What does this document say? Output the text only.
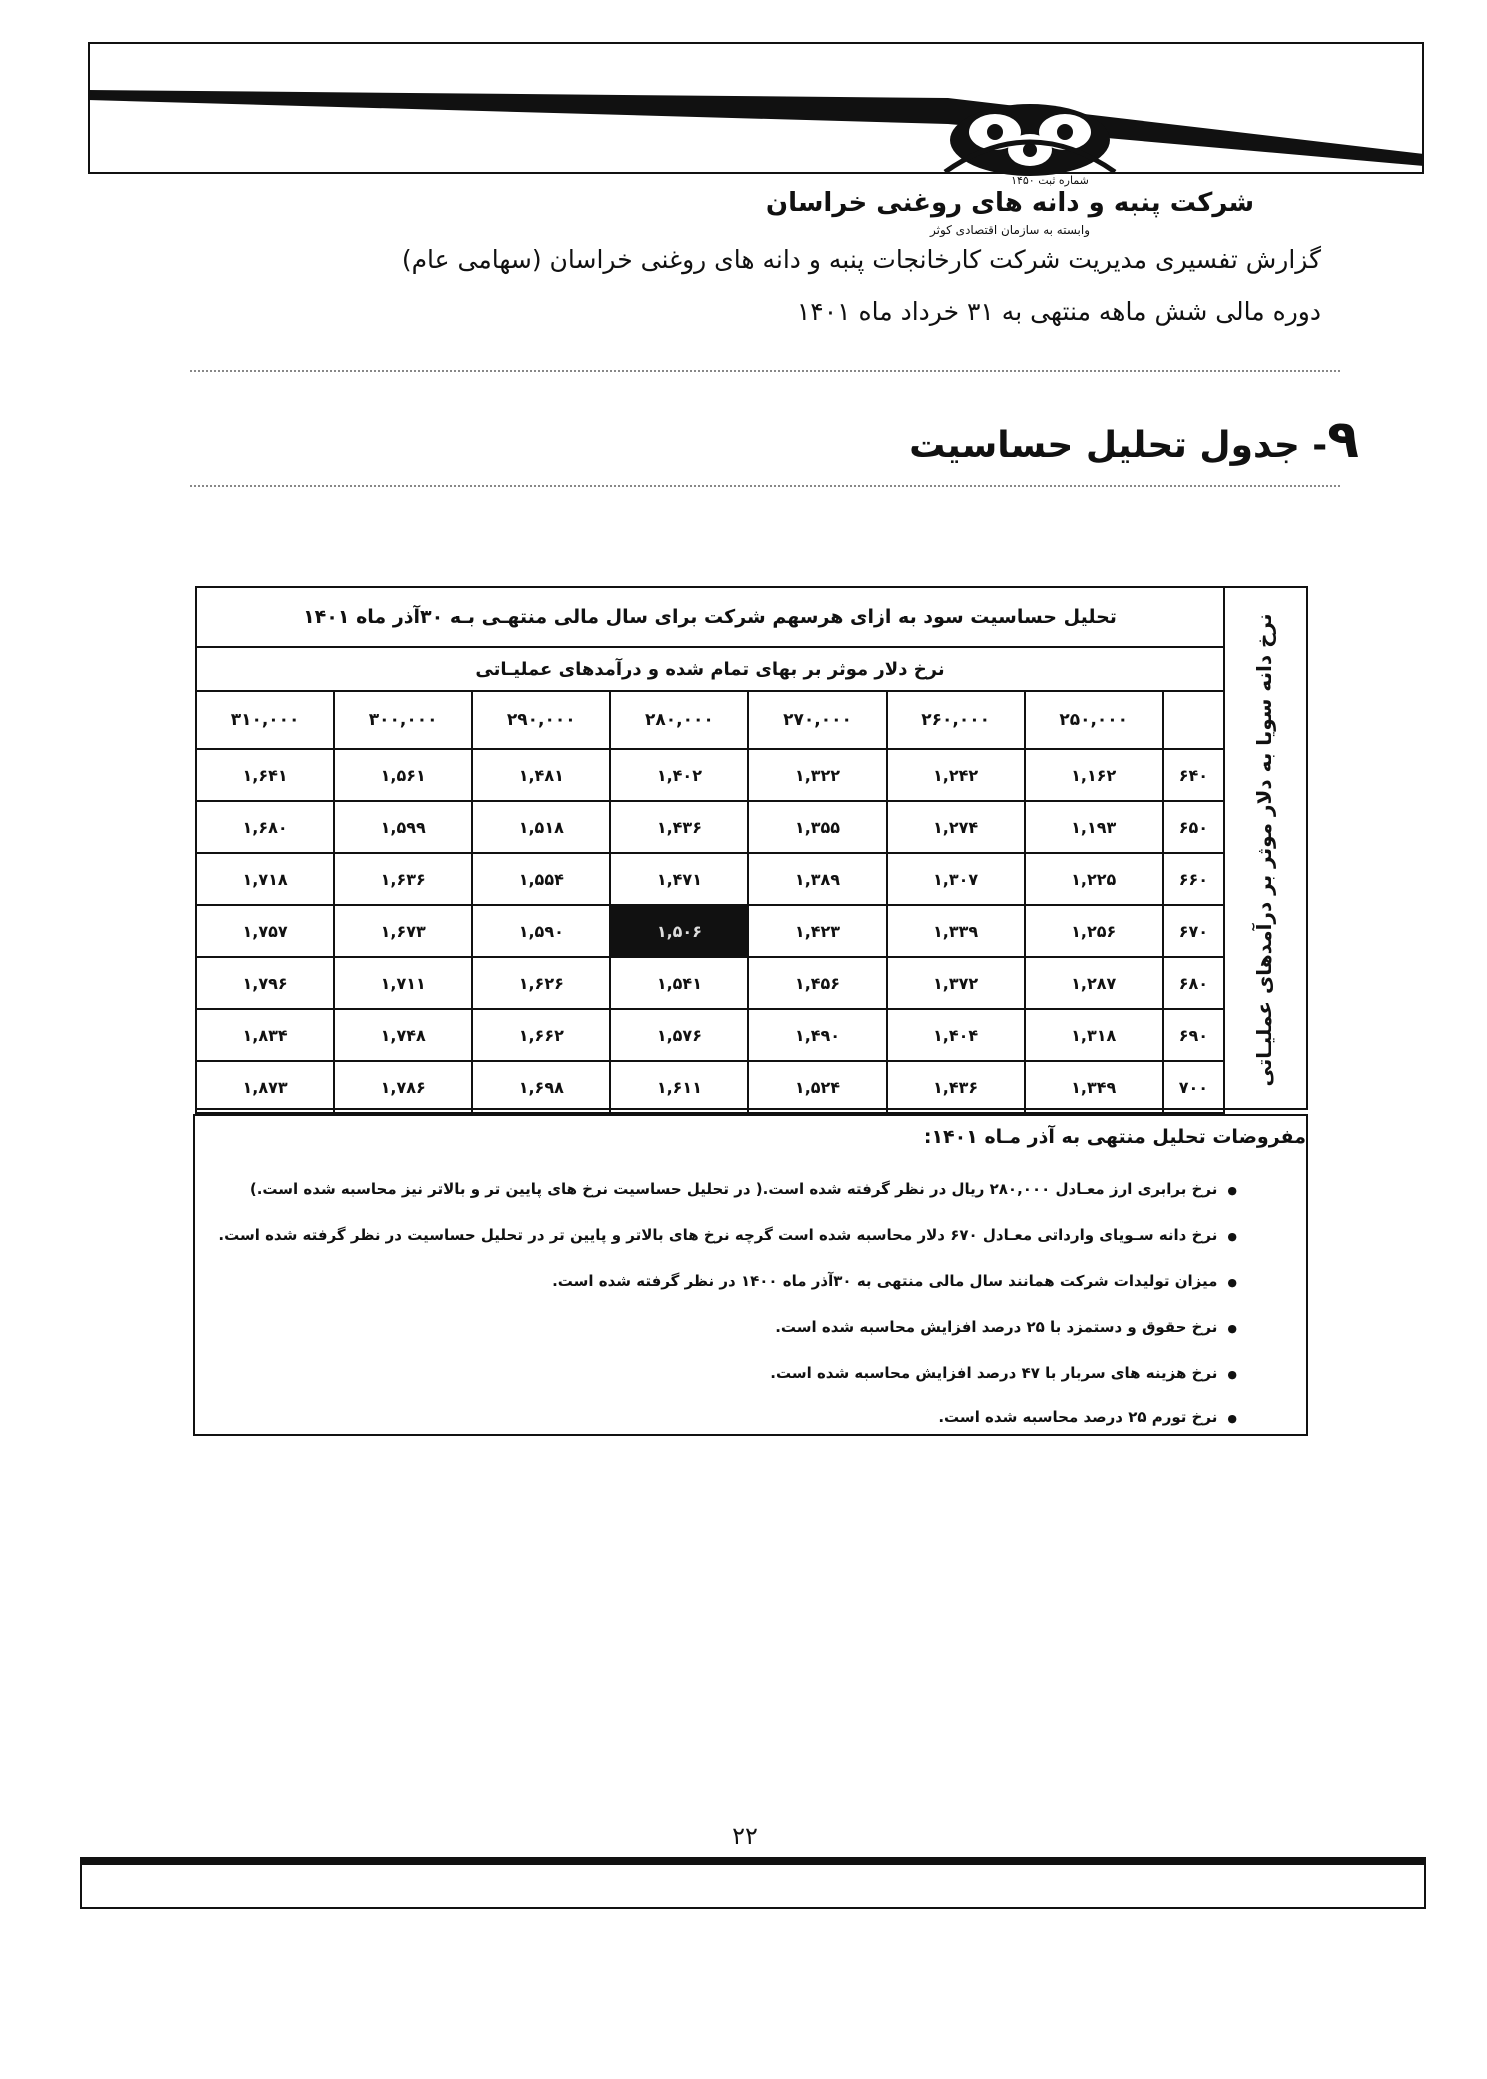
شماره ثبت ۱۴۵۰
شرکت پنبه و دانه های روغنی خراسان
وابسته به سازمان اقتصادی کوثر
گزارش تفسیری مدیریت شرکت کارخانجات پنبه و دانه های روغنی خراسان (سهامی عام)
دوره مالی شش ماهه منتهی به ۳۱ خرداد ماه ۱۴۰۱
۹- جدول تحلیل حساسیت
نرخ دانه سویا به دلار موثر بر درآمدهای عملیـاتی
تحلیل حساسیت سود به ازای هرسهم شرکت برای سال مالی منتهـی بـه ۳۰آذر ماه ۱۴۰۱							
نرخ دلار موثر بر بهای تمام شده و درآمدهای عملیـاتی							
۳۱۰,۰۰۰	۳۰۰,۰۰۰	۲۹۰,۰۰۰	۲۸۰,۰۰۰	۲۷۰,۰۰۰	۲۶۰,۰۰۰	۲۵۰,۰۰۰	
۱,۶۴۱	۱,۵۶۱	۱,۴۸۱	۱,۴۰۲	۱,۳۲۲	۱,۲۴۲	۱,۱۶۲	۶۴۰
۱,۶۸۰	۱,۵۹۹	۱,۵۱۸	۱,۴۳۶	۱,۳۵۵	۱,۲۷۴	۱,۱۹۳	۶۵۰
۱,۷۱۸	۱,۶۳۶	۱,۵۵۴	۱,۴۷۱	۱,۳۸۹	۱,۳۰۷	۱,۲۲۵	۶۶۰
۱,۷۵۷	۱,۶۷۳	۱,۵۹۰	۱,۵۰۶	۱,۴۲۳	۱,۳۳۹	۱,۲۵۶	۶۷۰
۱,۷۹۶	۱,۷۱۱	۱,۶۲۶	۱,۵۴۱	۱,۴۵۶	۱,۳۷۲	۱,۲۸۷	۶۸۰
۱,۸۳۴	۱,۷۴۸	۱,۶۶۲	۱,۵۷۶	۱,۴۹۰	۱,۴۰۴	۱,۳۱۸	۶۹۰
۱,۸۷۳	۱,۷۸۶	۱,۶۹۸	۱,۶۱۱	۱,۵۲۴	۱,۴۳۶	۱,۳۴۹	۷۰۰
مفروضات تحلیل منتهی به آذر مـاه ۱۴۰۱:
● نرخ برابری ارز معـادل ۲۸۰,۰۰۰ ریال در نظر گرفته شده است.( در تحلیل حساسیت نرخ های پایین تر و بالاتر نیز محاسبه شده است.)
● نرخ دانه سـویای وارداتی معـادل ۶۷۰ دلار محاسبه شده است گرچه نرخ های بالاتر و پایین تر در تحلیل حساسیت در نظر گرفته شده است.
● میزان تولیدات شرکت همانند سال مالی منتهی به ۳۰آذر ماه ۱۴۰۰ در نظر گرفته شده است.
● نرخ حقوق و دستمزد با ۲۵ درصد افزایش محاسبه شده است.
● نرخ هزینه های سربار با ۴۷ درصد افزایش محاسبه شده است.
● نرخ تورم ۲۵ درصد محاسبه شده است.
۲۲
